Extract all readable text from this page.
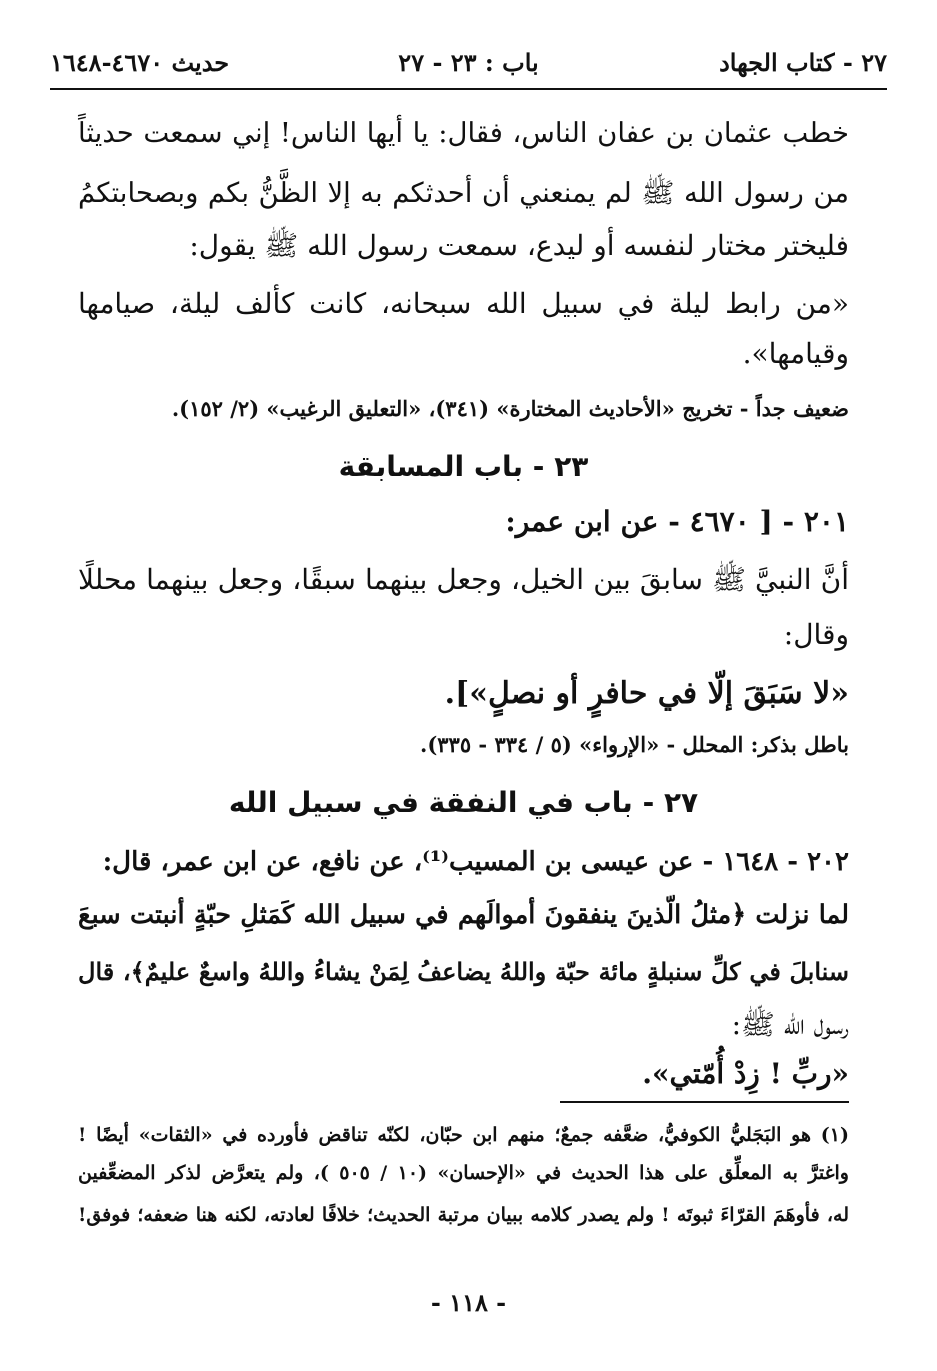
٢٧ - كتاب الجهاد
باب : ٢٣ - ٢٧
حديث ٤٦٧٠-١٦٤٨
خطب عثمان بن عفان الناس، فقال: يا أيها الناس! إني سمعت حديثاً
من رسول الله ﷺ لم يمنعني أن أحدثكم به إلا الظَّنُّ بكم وبصحابتكمُ
فليختر مختار لنفسه أو ليدع، سمعت رسول الله ﷺ يقول:
«من رابط ليلة في سبيل الله سبحانه، كانت كألف ليلة، صيامها
وقيامها».
ضعيف جداً - تخريج «الأحاديث المختارة» (٣٤١)، «التعليق الرغيب» (٢/ ١٥٢).
٢٣ - باب المسابقة
٢٠١ - [ ٤٦٧٠ - عن ابن عمر:
أنَّ النبيَّ ﷺ سابقَ بين الخيل، وجعل بينهما سبقًا، وجعل بينهما محللًا
وقال:
«لا سَبَقَ إلّا في حافرٍ أو نصلٍ»].
باطل بذكر: المحلل - «الإرواء» (٥ / ٣٣٤ - ٣٣٥).
٢٧ - باب في النفقة في سبيل الله
٢٠٢ - ١٦٤٨ - عن عيسى بن المسيب⁽¹⁾، عن نافع، عن ابن عمر، قال:
لما نزلت ﴿مثلُ الّذينَ ينفقونَ أموالَهم في سبيل الله كَمَثلِ حبّةٍ أنبتت سبعَ
سنابلَ في كلِّ سنبلةٍ مائة حبّة واللهُ يضاعفُ لِمَنْ يشاءُ واللهُ واسعٌ عليمٌ﴾، قال
رسول الله ﷺ:
«ربِّ ! زِدْ أُمّتي».
(١) هو البَجَليُّ الكوفيُّ، ضعَّفه جمعٌ؛ منهم ابن حبّان، لكنّه تناقض فأورده في «الثقات» أيضًا !
واغترَّ به المعلِّق على هذا الحديث في «الإحسان» (١٠ / ٥٠٥ )، ولم يتعرَّض لذكر المضعِّفين
له، فأوهَمَ القرّاءَ ثبوتَه ! ولم يصدر كلامه ببيان مرتبة الحديث؛ خلافًا لعادته، لكنه هنا ضعفه؛ فوفق!
- ١١٨ -
